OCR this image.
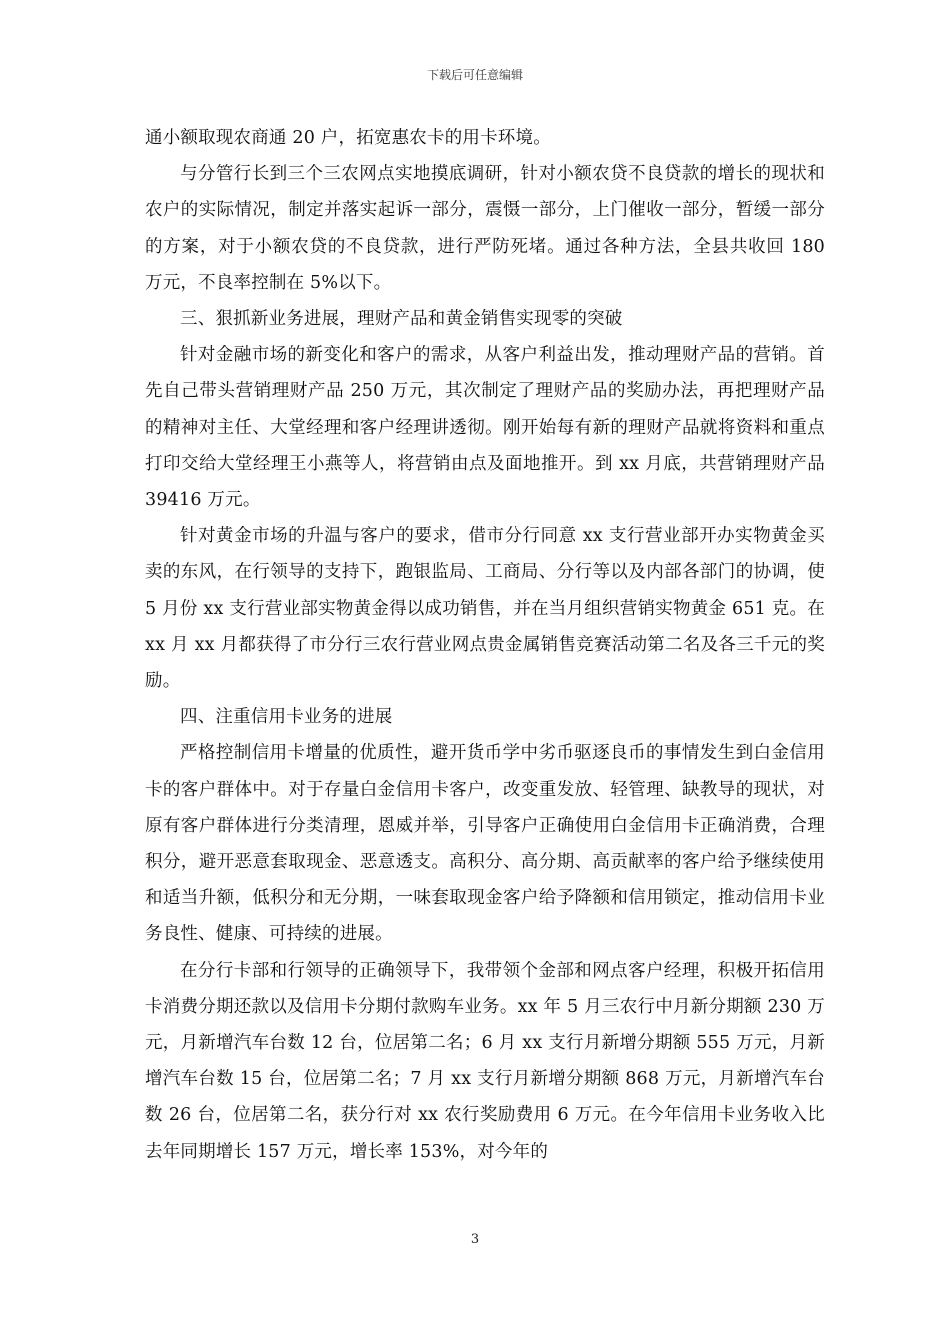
下载后可任意编辑

通小额取现农商通 20 户，拓宽惠农卡的用卡环境。

与分管行长到三个三农网点实地摸底调研，针对小额农贷不良贷款的增长的现状和农户的实际情况，制定并落实起诉一部分，震慑一部分，上门催收一部分，暂缓一部分的方案，对于小额农贷的不良贷款，进行严防死堵。通过各种方法，全县共收回 180 万元，不良率控制在 5%以下。

三、狠抓新业务进展，理财产品和黄金销售实现零的突破

针对金融市场的新变化和客户的需求，从客户利益出发，推动理财产品的营销。首先自己带头营销理财产品 250 万元，其次制定了理财产品的奖励办法，再把理财产品的精神对主任、大堂经理和客户经理讲透彻。刚开始每有新的理财产品就将资料和重点打印交给大堂经理王小燕等人，将营销由点及面地推开。到 xx 月底，共营销理财产品 39416 万元。

针对黄金市场的升温与客户的要求，借市分行同意 xx 支行营业部开办实物黄金买卖的东风，在行领导的支持下，跑银监局、工商局、分行等以及内部各部门的协调，使 5 月份 xx 支行营业部实物黄金得以成功销售，并在当月组织营销实物黄金 651 克。在 xx 月 xx 月都获得了市分行三农行营业网点贵金属销售竞赛活动第二名及各三千元的奖励。

四、注重信用卡业务的进展

严格控制信用卡增量的优质性，避开货币学中劣币驱逐良币的事情发生到白金信用卡的客户群体中。对于存量白金信用卡客户，改变重发放、轻管理、缺教导的现状，对原有客户群体进行分类清理，恩威并举，引导客户正确使用白金信用卡正确消费，合理积分，避开恶意套取现金、恶意透支。高积分、高分期、高贡献率的客户给予继续使用和适当升额，低积分和无分期，一味套取现金客户给予降额和信用锁定，推动信用卡业务良性、健康、可持续的进展。

在分行卡部和行领导的正确领导下，我带领个金部和网点客户经理，积极开拓信用卡消费分期还款以及信用卡分期付款购车业务。xx 年 5 月三农行中月新分期额 230 万元，月新增汽车台数 12 台，位居第二名；6 月 xx 支行月新增分期额 555 万元，月新增汽车台数 15 台，位居第二名；7 月 xx 支行月新增分期额 868 万元，月新增汽车台数 26 台，位居第二名，获分行对 xx 农行奖励费用 6 万元。在今年信用卡业务收入比去年同期增长 157 万元，增长率 153%，对今年的

3
